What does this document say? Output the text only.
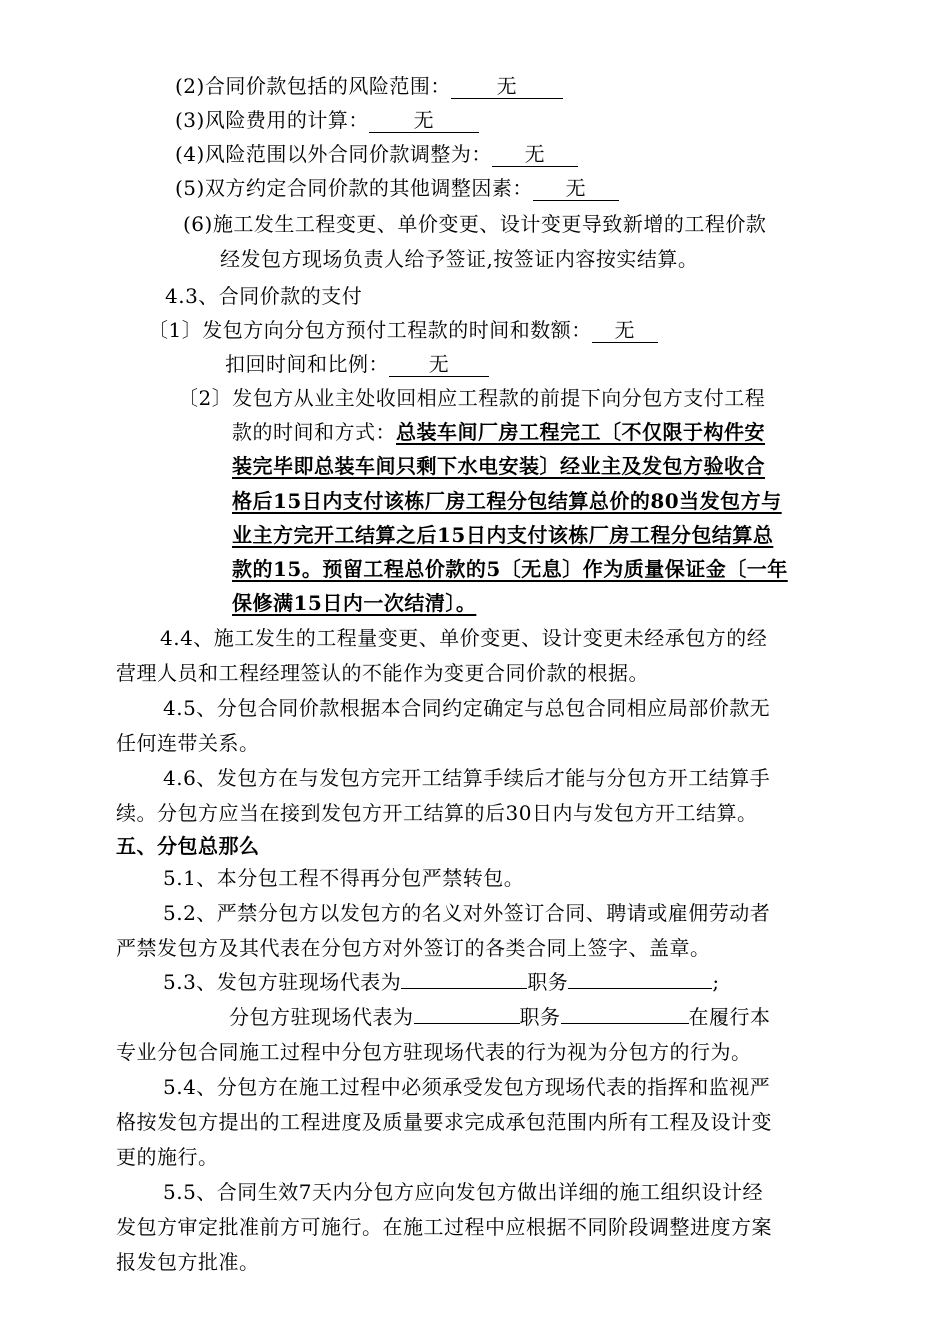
(2)合同价款包括的风险范围： 无
(3)风险费用的计算： 无
(4)风险范围以外合同价款调整为： 无
(5)双方约定合同价款的其他调整因素： 无
(6)施工发生工程变更、单价变更、设计变更导致新增的工程价款
经发包方现场负责人给予签证,按签证内容按实结算。
4.3、合同价款的支付
〔1〕发包方向分包方预付工程款的时间和数额： 无
扣回时间和比例： 无
〔2〕发包方从业主处收回相应工程款的前提下向分包方支付工程
款的时间和方式：总装车间厂房工程完工〔不仅限于构件安
装完毕即总装车间只剩下水电安装〕经业主及发包方验收合
格后15日内支付该栋厂房工程分包结算总价的80当发包方与
业主方完开工结算之后15日内支付该栋厂房工程分包结算总
款的15。预留工程总价款的5〔无息〕作为质量保证金〔一年
保修满15日内一次结清〕。
4.4、施工发生的工程量变更、单价变更、设计变更未经承包方的经
营理人员和工程经理签认的不能作为变更合同价款的根据。
4.5、分包合同价款根据本合同约定确定与总包合同相应局部价款无
任何连带关系。
4.6、发包方在与发包方完开工结算手续后才能与分包方开工结算手
续。分包方应当在接到发包方开工结算的后30日内与发包方开工结算。
五、分包总那么
5.1、本分包工程不得再分包严禁转包。
5.2、严禁分包方以发包方的名义对外签订合同、聘请或雇佣劳动者
严禁发包方及其代表在分包方对外签订的各类合同上签字、盖章。
5.3、发包方驻现场代表为	职务	;
分包方驻现场代表为	职务	在履行本
专业分包合同施工过程中分包方驻现场代表的行为视为分包方的行为。
5.4、分包方在施工过程中必须承受发包方现场代表的指挥和监视严
格按发包方提出的工程进度及质量要求完成承包范围内所有工程及设计变
更的施行。
5.5、合同生效7天内分包方应向发包方做出详细的施工组织设计经
发包方审定批准前方可施行。在施工过程中应根据不同阶段调整进度方案
报发包方批准。
